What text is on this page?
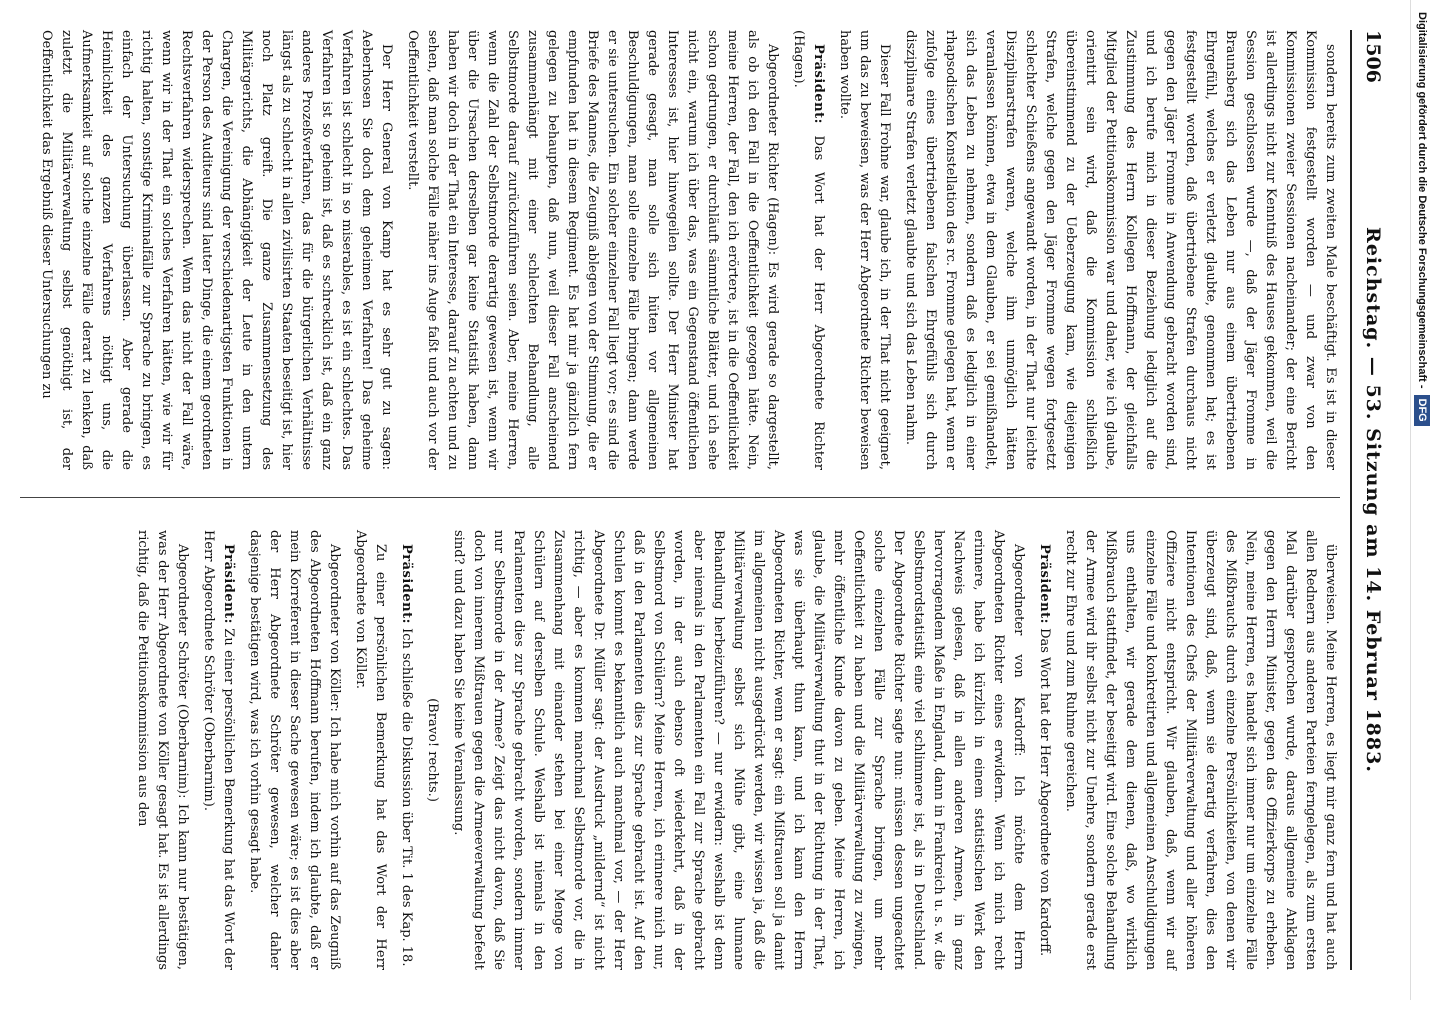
1506
Reichstag. — 53. Sitzung am 14. Februar 1883.

sondern bereits zum zweiten Male beschäftigt. Es ist in dieser Kommission festgestellt worden — und zwar von den Kommissionen zweier Sessionen nacheinander; der eine Bericht ist allerdings nicht zur Kenntniß des Hauses gekommen, weil die Session geschlossen wurde —, daß der Jäger Fromme in Braunsberg sich das Leben nur aus einem übertriebenen Ehrgefühl, welches er verletzt glaubte, genommen hat; es ist festgestellt worden, daß übertriebene Strafen durchaus nicht gegen den Jäger Fromme in Anwendung gebracht worden sind, und ich berufe mich in dieser Beziehung lediglich auf die Zustimmung des Herrn Kollegen Hoffmann, der gleichfalls Mitglied der Petitionskommission war und daher, wie ich glaube, orientirt sein wird, daß die Kommission schließlich übereinstimmend zu der Ueberzeugung kam, wie diejenigen Strafen, welche gegen den Jäger Fromme wegen fortgesetzt schlechter Schießens angewandt worden, in der That nur leichte Disziplinarstrafen waren, welche ihm unmöglich hätten veranlassen können, etwa in dem Glauben, er sei gemißhandelt, sich das Leben zu nehmen, sondern daß es lediglich in einer rhapsodischen Konstellation des rc. Fromme gelegen hat, wenn er zufolge eines übertriebenen falschen Ehrgefühls sich durch disziplinare Strafen verletzt glaubte und sich das Leben nahm.

Dieser Fall Frohne war, glaube ich, in der That nicht geeignet, um das zu beweisen, was der Herr Abgeordnete Richter beweisen haben wollte.

Präsident: Das Wort hat der Herr Abgeordnete Richter (Hagen).

Abgeordneter Richter (Hagen): Es wird gerade so dargestellt, als ob ich den Fall in die Oeffentlichkeit gezogen hätte. Nein, meine Herren, der Fall, den ich erörtere, ist in die Oeffentlichkeit schon gedrungen, er durchläuft sämmtliche Blätter, und ich sehe nicht ein, warum ich über das, was ein Gegenstand öffentlichen Interesses ist, hier hinwegeilen sollte. Der Herr Minister hat gerade gesagt, man solle sich hüten vor allgemeinen Beschuldigungen, man solle einzelne Fälle bringen; dann werde er sie untersuchen. Ein solcher einzelner Fall liegt vor; es sind die Briefe des Mannes, die Zeugniß ablegen von der Stimmung, die er empfunden hat in diesem Regiment. Es hat mir ja gänzlich fern gelegen zu behaupten, daß nun, weil dieser Fall anscheinend zusammenhängt mit einer schlechten Behandlung, alle Selbstmorde darauf zurückzuführen seien. Aber, meine Herren, wenn die Zahl der Selbstmorde derartig gewesen ist, wenn wir über die Ursachen derselben gar keine Statistik haben, dann haben wir doch in der That ein Interesse, darauf zu achten und zu sehen, daß man solche Fälle näher ins Auge faßt und auch vor der Oeffentlichkeit verstellt.

Der Herr General von Kamp hat es sehr gut zu sagen: Aeberhosen Sie doch dem geheimen Verfahren! Das geheime Verfahren ist schlecht in so miserables, es ist ein schlechtes. Das Verfahren ist so geheim ist, daß es schrecklich ist, daß ein ganz anderes Prozeßverfahren, das für die bürgerlichen Verhältnisse längst als zu schlecht in allen zivilisirten Staaten beseitigt ist, hier noch Platz greift. Die ganze Zusammensetzung des Militärgerichts, die Abhängigkeit der Leute in den untern Chargen, die Vereinigung der verschiedenartigsten Funktionen in der Person des Auditeurs sind lauter Dinge, die einem geordneten Rechtsverfahren widersprechen. Wenn das nicht der Fall wäre, wenn wir in der That ein solches Verfahren hätten, wie wir für richtig halten, sonstige Kriminalfälle zur Sprache zu bringen, es einfach der Untersuchung überlassen. Aber gerade die Heimlichkeit des ganzen Verfahrens nöthigt uns, die Aufmerksamkeit auf solche einzelne Fälle derart zu lenken, daß zuletzt die Militärverwaltung selbst genöthigt ist, der Oeffentlichkeit das Ergebniß dieser Untersuchungen zu

überweisen. Meine Herren, es liegt mir ganz fern und hat auch allen Rednern aus anderen Parteien ferngelegen, als zum ersten Mal darüber gesprochen wurde, daraus allgemeine Anklagen gegen den Herrn Minister, gegen das Offizierkorps zu erheben. Nein, meine Herren, es handelt sich immer nur um einzelne Fälle des Mißbrauchs durch einzelne Persönlichkeiten, von denen wir überzeugt sind, daß, wenn sie derartig verfahren, dies den Intentionen des Chefs der Militärverwaltung und aller höheren Offiziere nicht entspricht. Wir glauben, daß, wenn wir auf einzelne Fälle und konkretirten und allgemeinen Anschuldigungen uns enthalten, wir gerade dem dienen, daß, wo wirklich Mißbrauch stattfindet, der beseitigt wird. Eine solche Behandlung der Armee wird ihr selbst nicht zur Unehre, sondern gerade erst recht zur Ehre und zum Ruhme gereichen.

Präsident: Das Wort hat der Herr Abgeordnete von Kardorff.

Abgeordneter von Kardorff: Ich möchte dem Herrn Abgeordneten Richter eines erwidern. Wenn ich mich recht erinnere, habe ich kürzlich in einem statistischen Werk den Nachweis gelesen, daß in allen anderen Armeen, in ganz hervorragendem Maße in England, dann in Frankreich u. s. w. die Selbstmordstatistik eine viel schlimmere ist, als in Deutschland. Der Abgeordnete Richter sagte nun: müssen dessen ungeachtet solche einzelnen Fälle zur Sprache bringen, um mehr Oeffentlichkeit zu haben und die Militärverwaltung zu zwingen, mehr öffentliche Kunde davon zu geben. Meine Herren, ich glaube, die Militärverwaltung thut in der Richtung in der That, was sie überhaupt thun kann, und ich kann den Herrn Abgeordneten Richter, wenn er sagt: ein Mißtrauen soll ja damit im allgemeinen nicht ausgedrückt werden, wir wissen ja, daß die Militärverwaltung selbst sich Mühe gibt, eine humane Behandlung herbeizuführen? — nur erwidern: weshalb ist denn aber niemals in den Parlamenten ein Fall zur Sprache gebracht worden, in der auch ebenso oft wiederkehrt, daß in der Selbstmord von Schülern? Meine Herren, ich erinnere mich nur, daß in den Parlamenten dies zur Sprache gebracht ist. Auf den Schulen kommt es bekanntlich auch manchmal vor, — der Herr Abgeordnete Dr. Müller sagt: der Ausdruck „mildernd“ ist nicht richtig, — aber es kommen manchmal Selbstmorde vor, die in Zusammenhang mit einander stehen bei einer Menge von Schülern auf derselben Schule. Weshalb ist niemals in den Parlamenten dies zur Sprache gebracht worden, sondern immer nur Selbstmorde in der Armee? Zeigt das nicht davon, daß Sie doch von innerem Mißtrauen gegen die Armeeverwaltung befeelt sind? und dazu haben Sie keine Veranlassung.

(Bravo! rechts.)

Präsident: Ich schließe die Diskussion über Tit. 1 des Kap. 18.

Zu einer persönlichen Bemerkung hat das Wort der Herr Abgeordnete von Köller.

Abgeordneter von Köller: Ich habe mich vorhin auf das Zeugniß des Abgeordneten Hoffmann berufen, indem ich glaubte, daß er mein Korreferent in dieser Sache gewesen wäre; es ist dies aber der Herr Abgeordnete Schröter gewesen, welcher daher dasjenige bestätigen wird, was ich vorhin gesagt habe.

Präsident: Zu einer persönlichen Bemerkung hat das Wort der Herr Abgeordnete Schröter (Oberbarnim).

Abgeordneter Schröter (Oberbarnim): Ich kann nur bestätigen, was der Herr Abgeordnete von Köller gesagt hat. Es ist allerdings richtig, daß die Petitionskommission aus den

Digitalisierung gefördert durch die Deutsche Forschungsgemeinschaft -DFG
